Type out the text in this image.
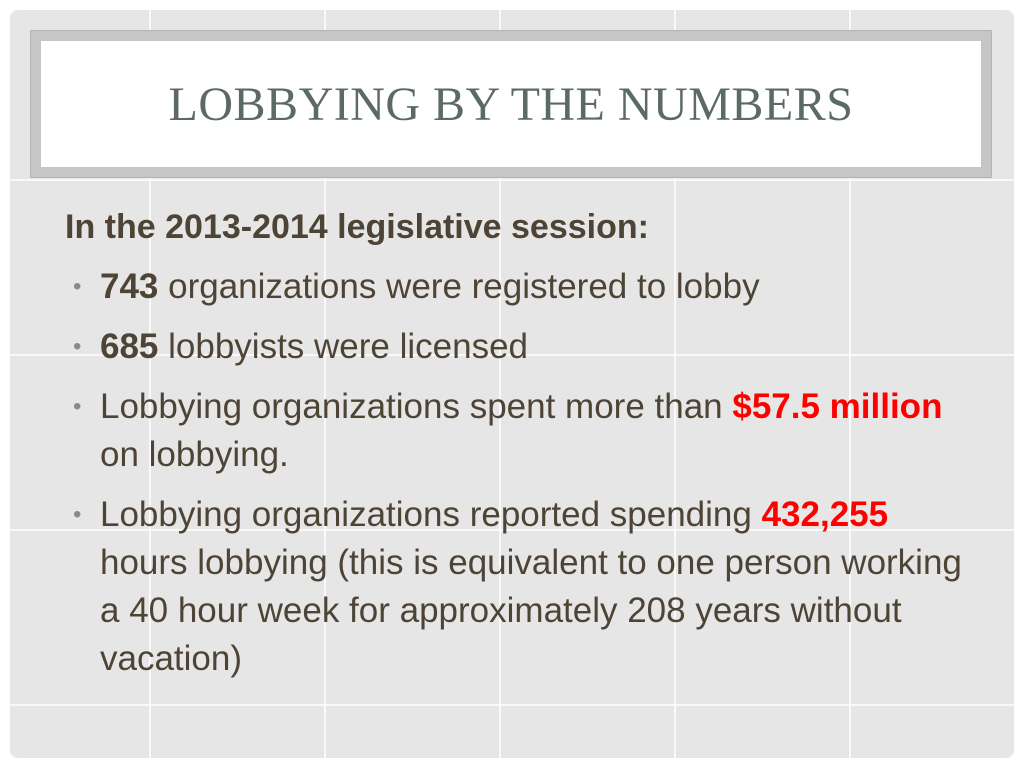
LOBBYING BY THE NUMBERS

In the 2013-2014 legislative session:

• 743 organizations were registered to lobby
• 685 lobbyists were licensed
• Lobbying organizations spent more than $57.5 million on lobbying.
• Lobbying organizations reported spending 432,255 hours lobbying (this is equivalent to one person working a 40 hour week for approximately 208 years without vacation)
